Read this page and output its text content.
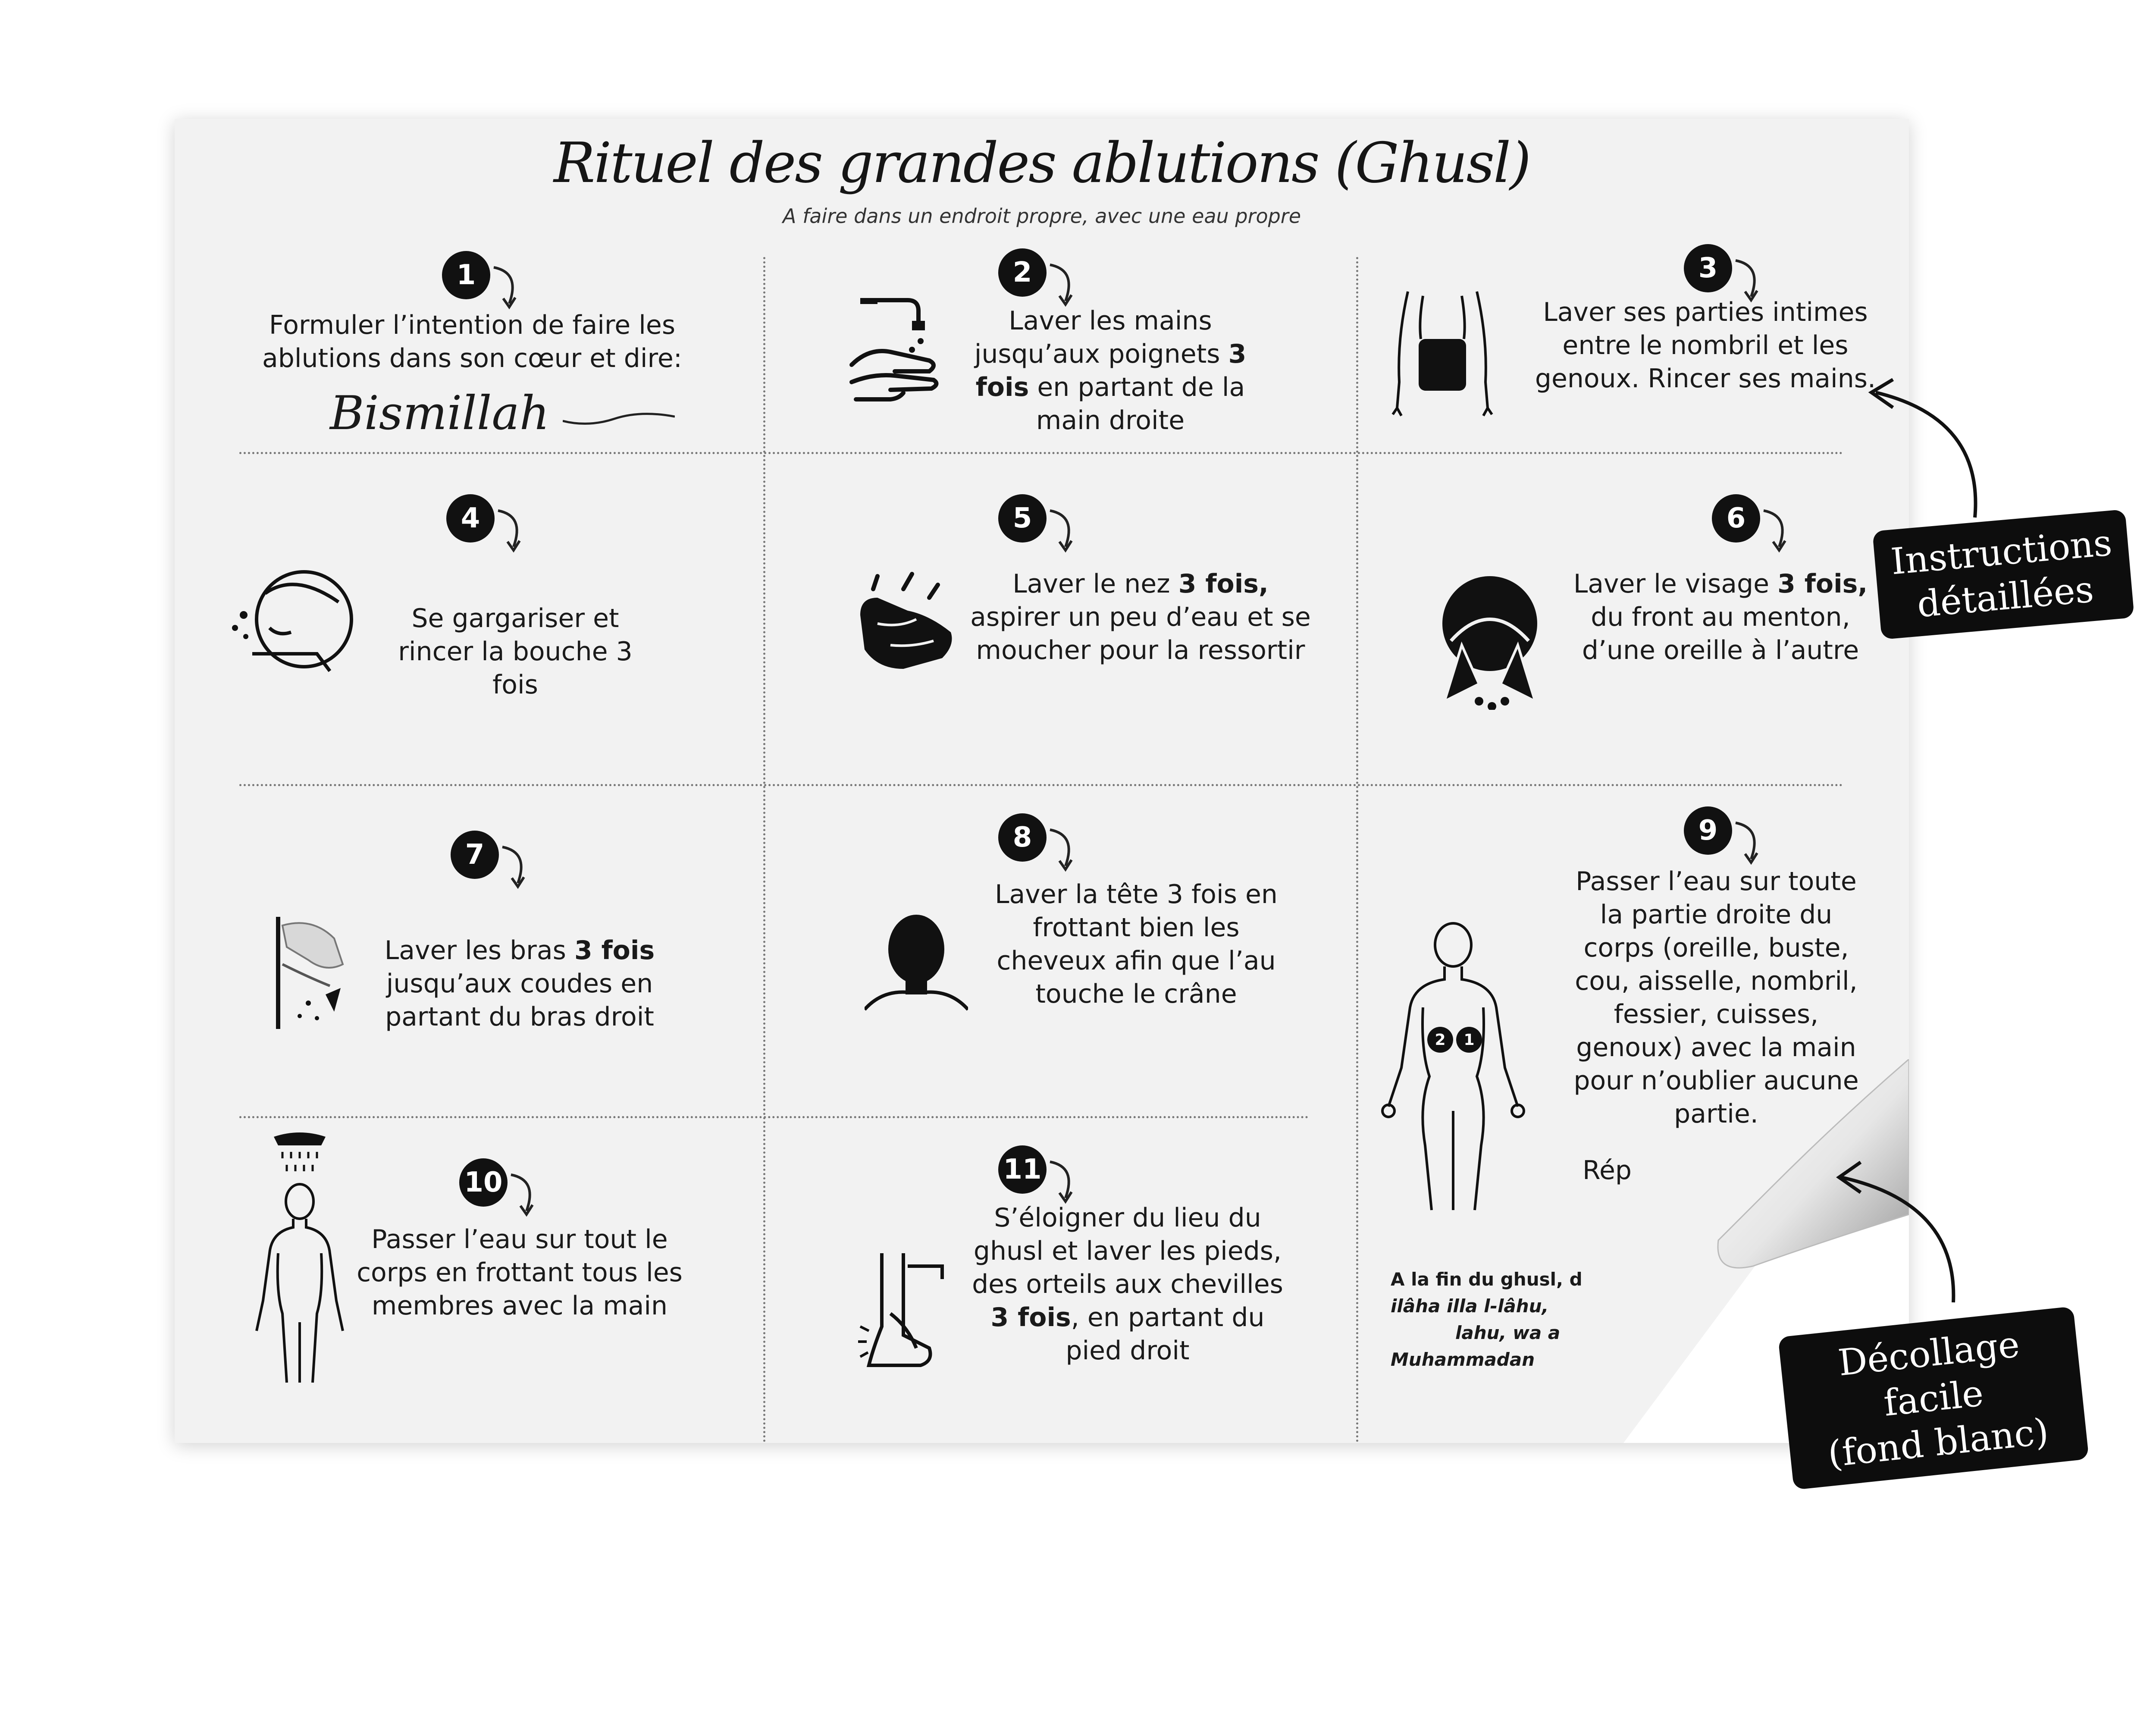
Rituel des grandes ablutions (Ghusl)
A faire dans un endroit propre, avec une eau propre
1
Formuler l’intention de faire les ablutions dans son cœur et dire:
Bismillah
2
Laver les mains jusqu’aux poignets 3 fois en partant de la main droite
3
Laver ses parties intimes entre le nombril et les genoux. Rincer ses mains.
4
Se gargariser et rincer la bouche 3 fois
5
Laver le nez 3 fois, aspirer un peu d’eau et se moucher pour la ressortir
6
Laver le visage 3 fois, du front au menton, d’une oreille à l’autre
7
Laver les bras 3 fois jusqu’aux coudes en partant du bras droit
8
Laver la tête 3 fois en frottant bien les cheveux afin que l’au touche le crâne
9
2	1
Passer l’eau sur toute la partie droite du corps (oreille, buste, cou, aisselle, nombril, fessier, cuisses, genoux) avec la main pour n’oublier aucune partie.
Rép
10
Passer l’eau sur tout le corps en frottant tous les membres avec la main
11
S’éloigner du lieu du ghusl et laver les pieds, des orteils aux chevilles 3 fois, en partant du pied droit
A la fin du ghusl, d
ilâha illa l-lâhu,
lahu, wa a
Muhammadan
Instructions
détaillées
Décollage facile
(fond blanc)
